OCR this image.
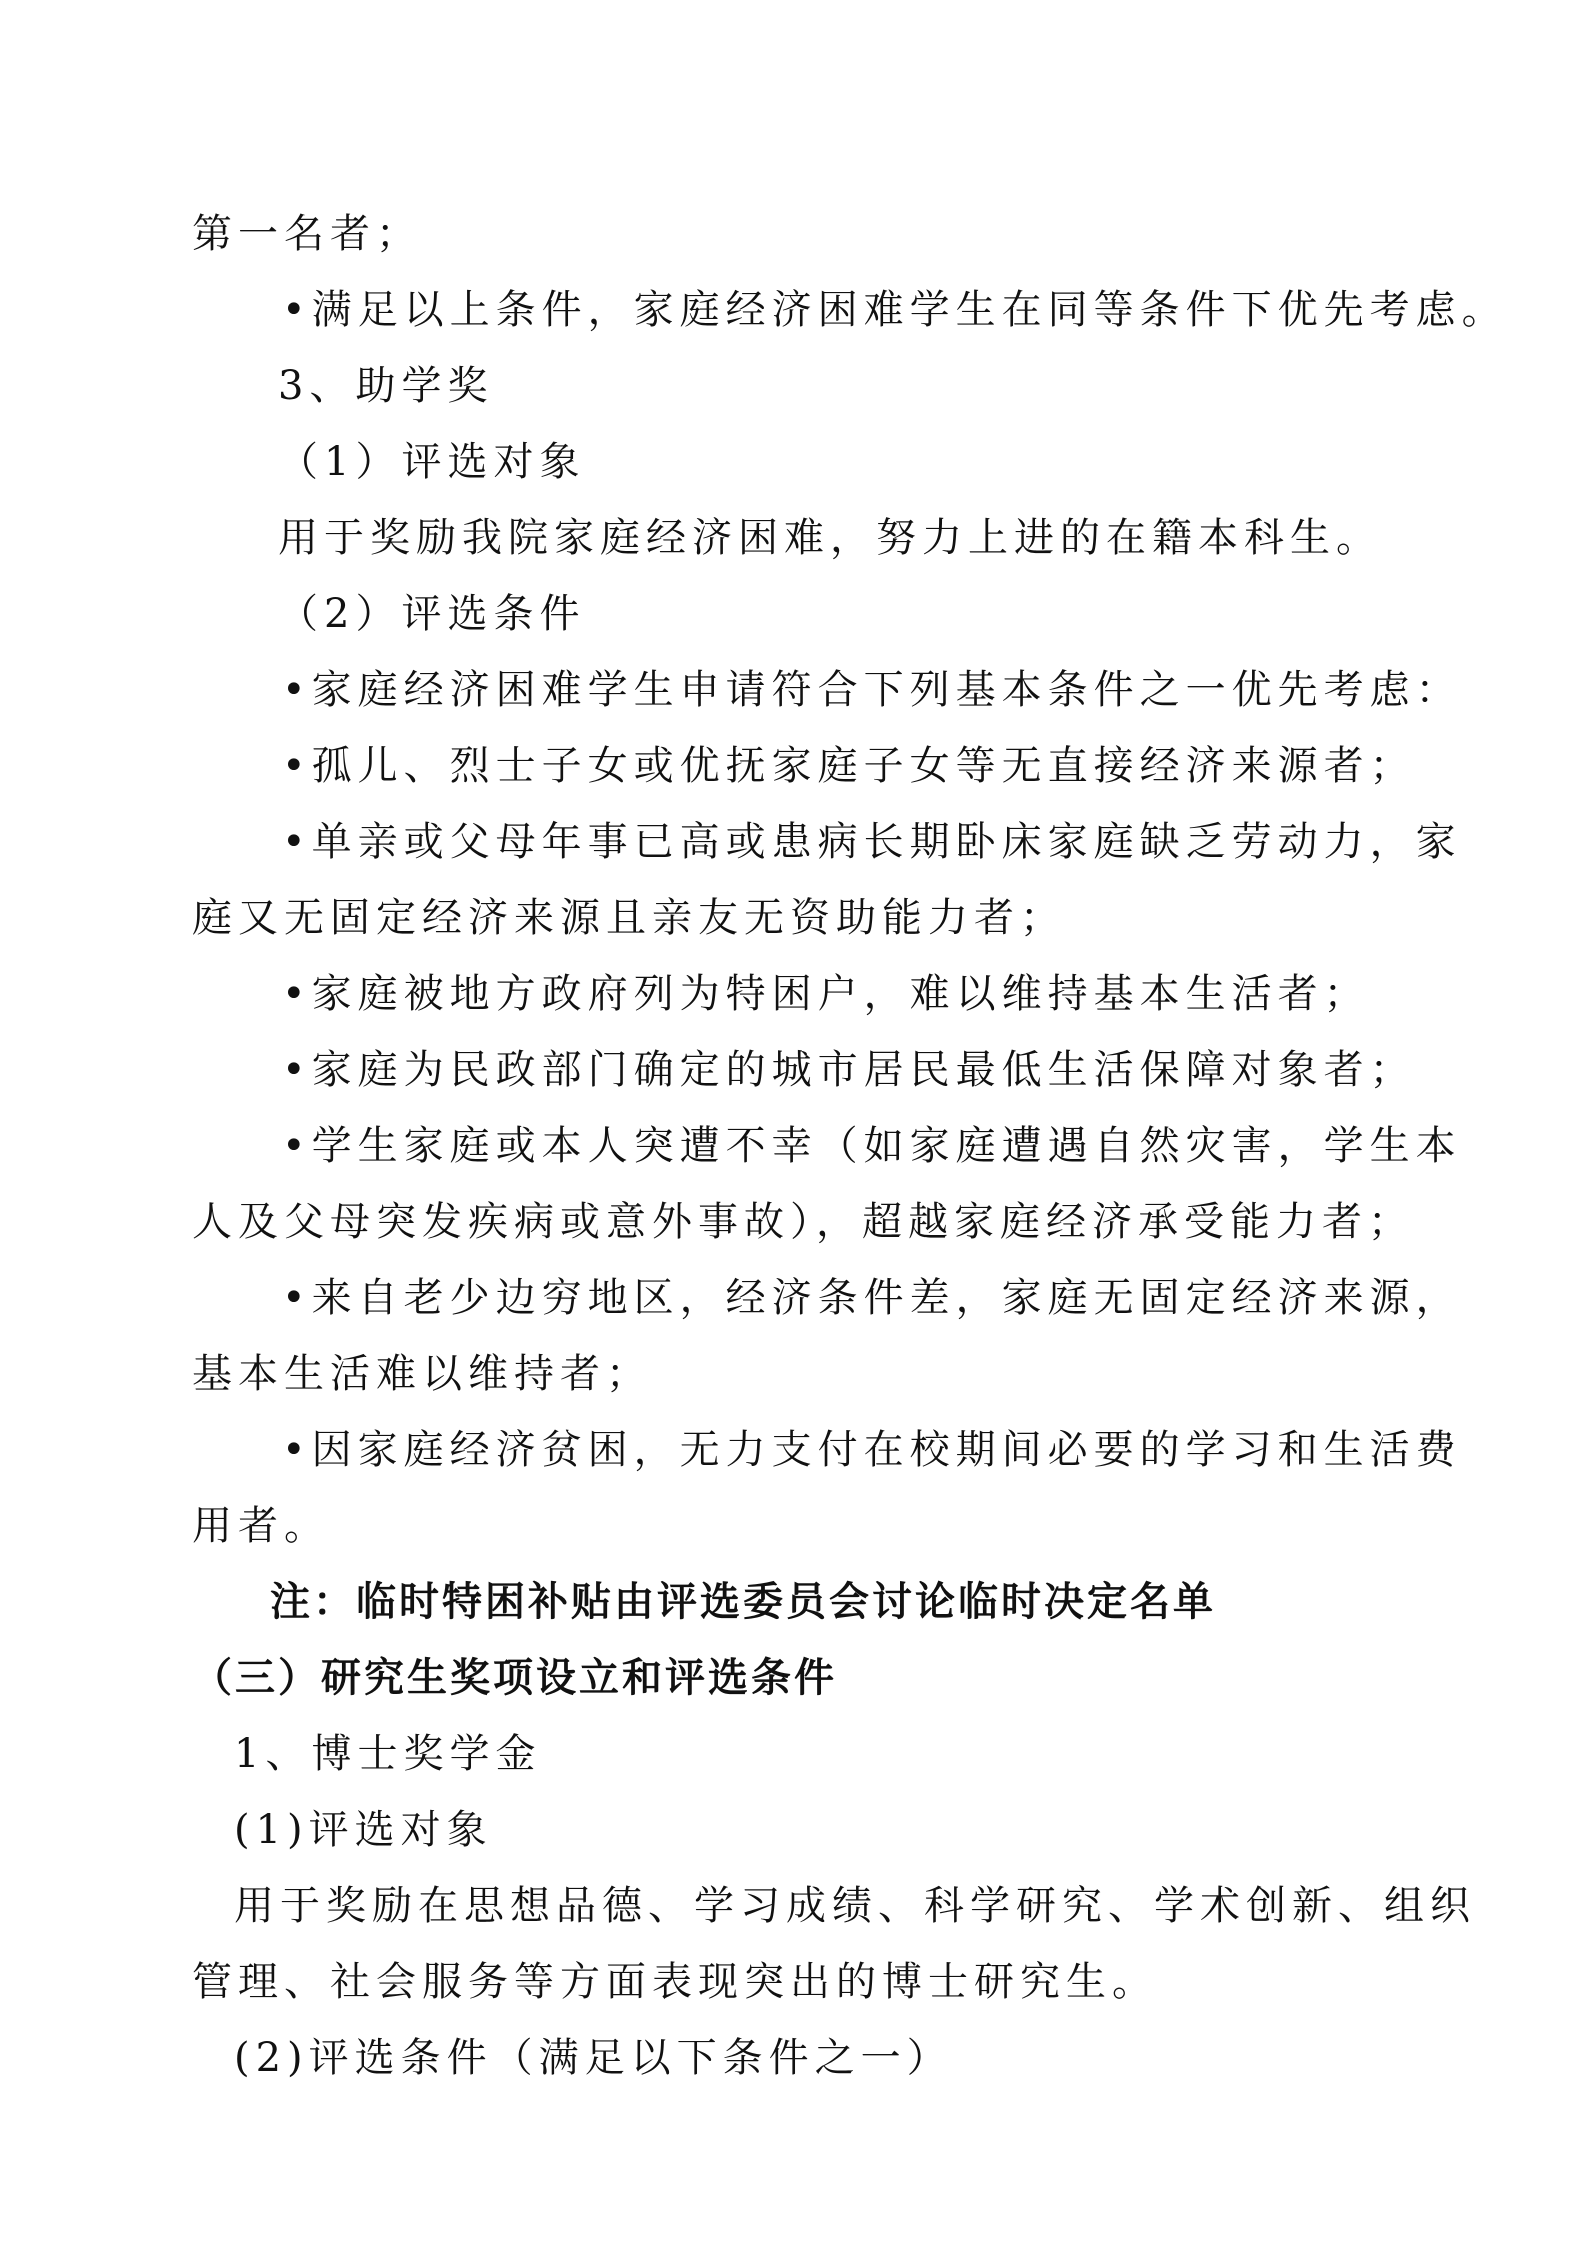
第一名者；
•满足以上条件，家庭经济困难学生在同等条件下优先考虑。
3、助学奖
（1）评选对象
用于奖励我院家庭经济困难，努力上进的在籍本科生。
（2）评选条件
•家庭经济困难学生申请符合下列基本条件之一优先考虑：
•孤儿、烈士子女或优抚家庭子女等无直接经济来源者；
•单亲或父母年事已高或患病长期卧床家庭缺乏劳动力，家
庭又无固定经济来源且亲友无资助能力者；
•家庭被地方政府列为特困户，难以维持基本生活者；
•家庭为民政部门确定的城市居民最低生活保障对象者；
•学生家庭或本人突遭不幸（如家庭遭遇自然灾害，学生本
人及父母突发疾病或意外事故），超越家庭经济承受能力者；
•来自老少边穷地区，经济条件差，家庭无固定经济来源，
基本生活难以维持者；
•因家庭经济贫困，无力支付在校期间必要的学习和生活费
用者。
注：临时特困补贴由评选委员会讨论临时决定名单
（三）研究生奖项设立和评选条件
1、博士奖学金
(1)评选对象
用于奖励在思想品德、学习成绩、科学研究、学术创新、组织
管理、社会服务等方面表现突出的博士研究生。
(2)评选条件（满足以下条件之一）
